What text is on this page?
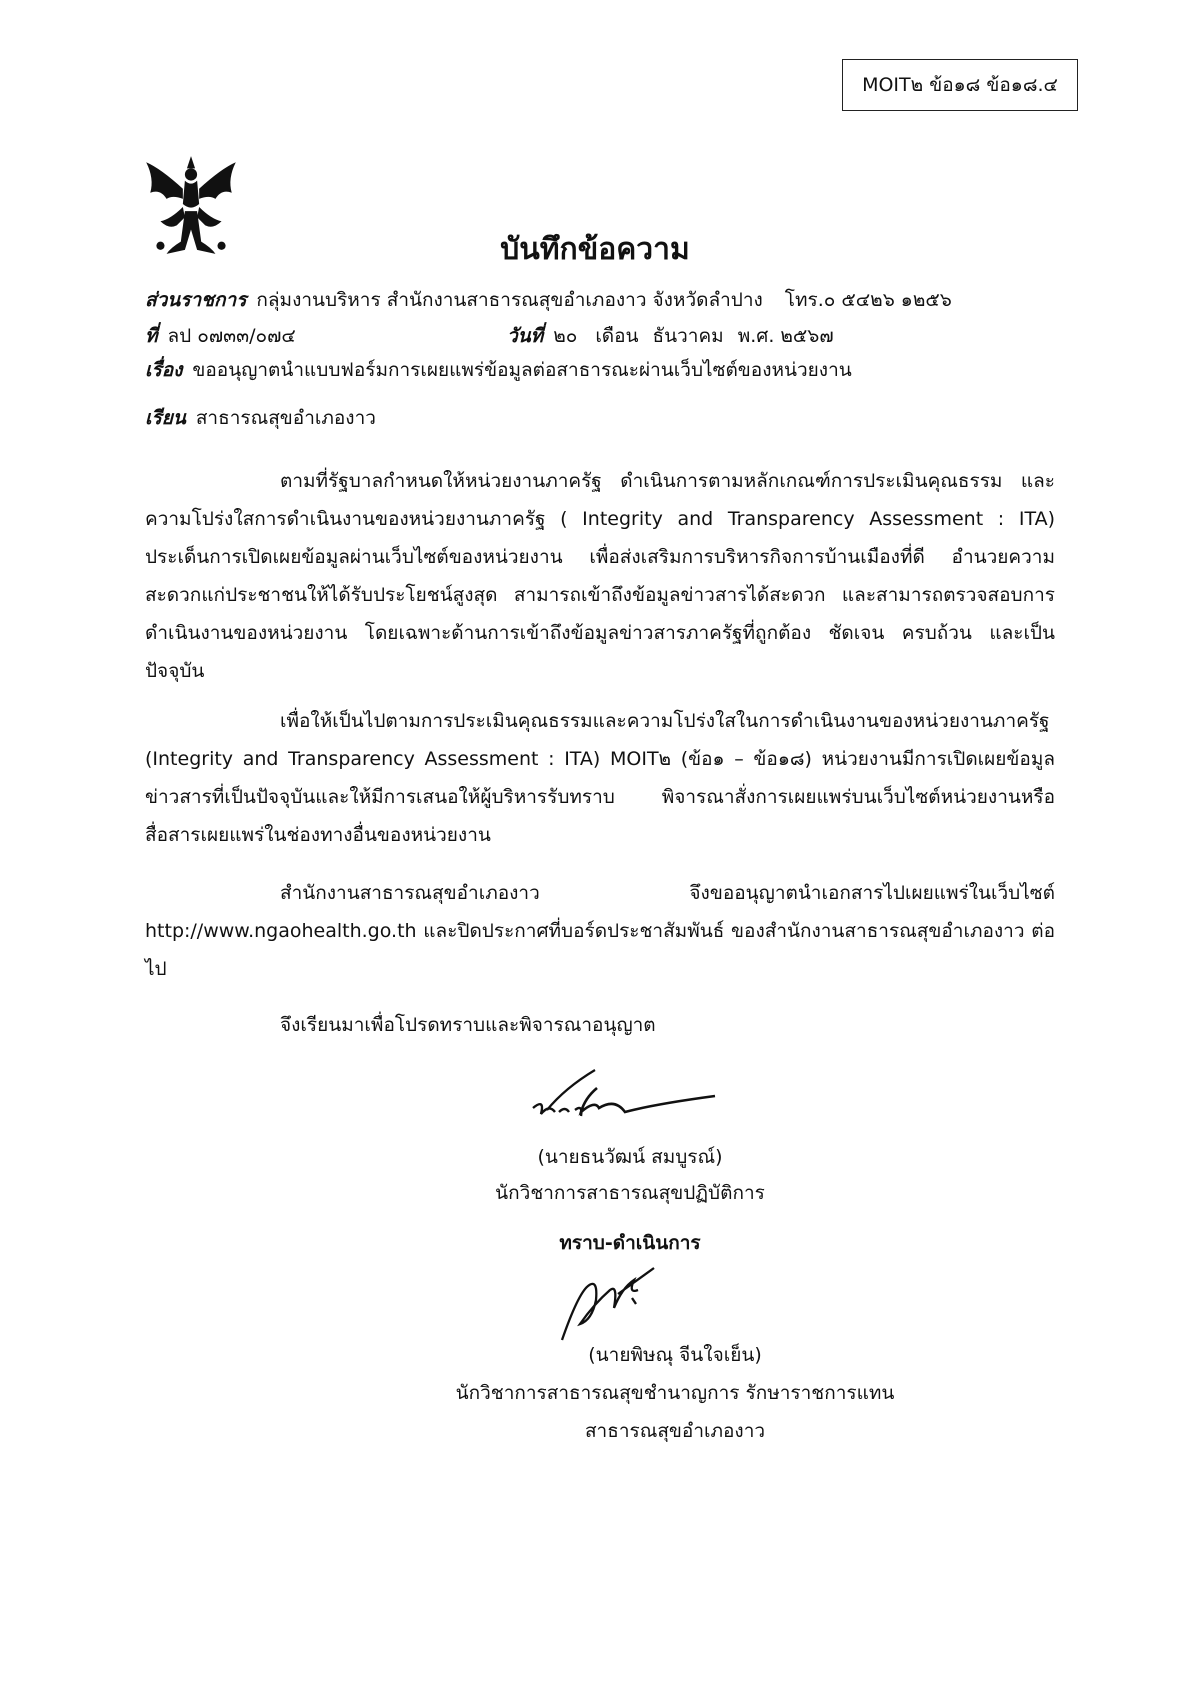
MOIT๒ ข้อ๑๘ ข้อ๑๘.๔
บันทึกข้อความ
ส่วนราชการ กลุ่มงานบริหาร สำนักงานสาธารณสุขอำเภองาว จังหวัดลำปาง โทร.๐ ๕๔๒๖ ๑๒๕๖
ที่ ลป ๐๗๓๓/๐๗๔	วันที่ ๒๐ เดือน ธันวาคม พ.ศ. ๒๕๖๗
เรื่อง ขออนุญาตนำแบบฟอร์มการเผยแพร่ข้อมูลต่อสาธารณะผ่านเว็บไซต์ของหน่วยงาน
เรียน สาธารณสุขอำเภองาว
ตามที่รัฐบาลกำหนดให้หน่วยงานภาครัฐ ดำเนินการตามหลักเกณฑ์การประเมินคุณธรรม และความโปร่งใสการดำเนินงานของหน่วยงานภาครัฐ ( Integrity and Transparency Assessment : ITA) ประเด็นการเปิดเผยข้อมูลผ่านเว็บไซต์ของหน่วยงาน เพื่อส่งเสริมการบริหารกิจการบ้านเมืองที่ดี อำนวยความสะดวกแก่ประชาชนให้ได้รับประโยชน์สูงสุด สามารถเข้าถึงข้อมูลข่าวสารได้สะดวก และสามารถตรวจสอบการดำเนินงานของหน่วยงาน โดยเฉพาะด้านการเข้าถึงข้อมูลข่าวสารภาครัฐที่ถูกต้อง ชัดเจน ครบถ้วน และเป็นปัจจุบัน
เพื่อให้เป็นไปตามการประเมินคุณธรรมและความโปร่งใสในการดำเนินงานของหน่วยงานภาครัฐ (Integrity and Transparency Assessment : ITA) MOIT๒ (ข้อ๑ – ข้อ๑๘) หน่วยงานมีการเปิดเผยข้อมูลข่าวสารที่เป็นปัจจุบันและให้มีการเสนอให้ผู้บริหารรับทราบ พิจารณาสั่งการเผยแพร่บนเว็บไซต์หน่วยงานหรือสื่อสารเผยแพร่ในช่องทางอื่นของหน่วยงาน
สำนักงานสาธารณสุขอำเภองาว จึงขออนุญาตนำเอกสารไปเผยแพร่ในเว็บไซต์ http://www.ngaohealth.go.th และปิดประกาศที่บอร์ดประชาสัมพันธ์ ของสำนักงานสาธารณสุขอำเภองาว ต่อไป
จึงเรียนมาเพื่อโปรดทราบและพิจารณาอนุญาต
(นายธนวัฒน์ สมบูรณ์)
นักวิชาการสาธารณสุขปฏิบัติการ
ทราบ-ดำเนินการ
(นายพิษณุ จีนใจเย็น)
นักวิชาการสาธารณสุขชำนาญการ รักษาราชการแทน
สาธารณสุขอำเภองาว
